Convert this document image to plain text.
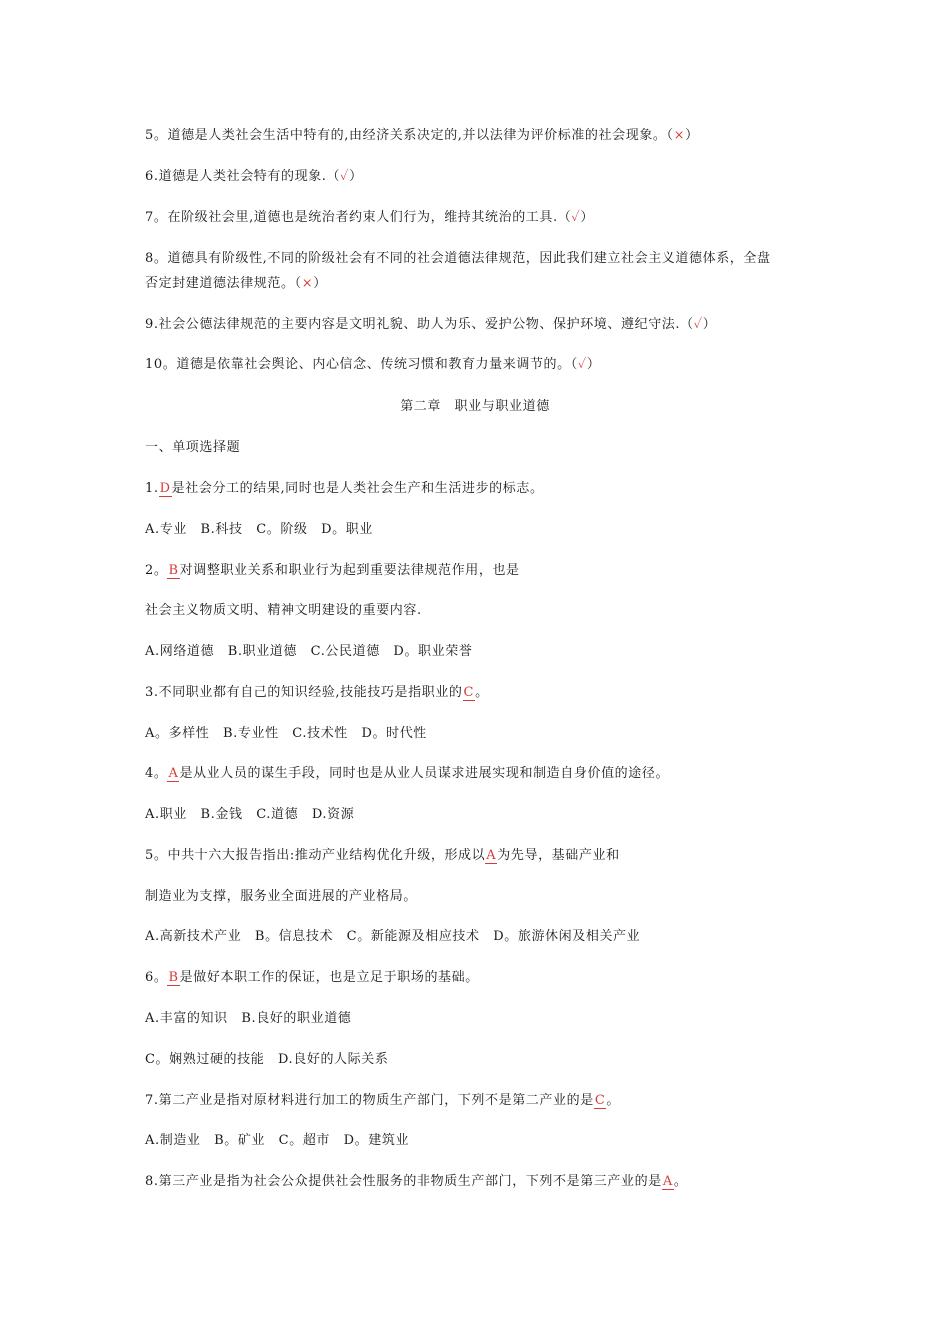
5。道德是人类社会生活中特有的,由经济关系决定的,并以法律为评价标准的社会现象。（×）
6.道德是人类社会特有的现象.（✓）
7。在阶级社会里,道德也是统治者约束人们行为，维持其统治的工具.（✓）
8。道德具有阶级性,不同的阶级社会有不同的社会道德法律规范，因此我们建立社会主义道德体系，全盘
否定封建道德法律规范。（×）
9.社会公德法律规范的主要内容是文明礼貌、助人为乐、爱护公物、保护环境、遵纪守法.（✓）
10。道德是依靠社会舆论、内心信念、传统习惯和教育力量来调节的。（✓）
第二章　职业与职业道德
一、单项选择题
1.D是社会分工的结果,同时也是人类社会生产和生活进步的标志。
A.专业　B.科技　C。阶级　D。职业
2。B对调整职业关系和职业行为起到重要法律规范作用，也是
社会主义物质文明、精神文明建设的重要内容.
A.网络道德　B.职业道德　C.公民道德　D。职业荣誉
3.不同职业都有自己的知识经验,技能技巧是指职业的C。
A。多样性　B.专业性　C.技术性　D。时代性
4。A是从业人员的谋生手段，同时也是从业人员谋求进展实现和制造自身价值的途径。
A.职业　B.金钱　C.道德　D.资源
5。中共十六大报告指出:推动产业结构优化升级，形成以A为先导，基础产业和
制造业为支撑，服务业全面进展的产业格局。
A.高新技术产业　B。信息技术　C。新能源及相应技术　D。旅游休闲及相关产业
6。B是做好本职工作的保证，也是立足于职场的基础。
A.丰富的知识　B.良好的职业道德
C。娴熟过硬的技能　D.良好的人际关系
7.第二产业是指对原材料进行加工的物质生产部门，下列不是第二产业的是C。
A.制造业　B。矿业　C。超市　D。建筑业
8.第三产业是指为社会公众提供社会性服务的非物质生产部门，下列不是第三产业的是A。
